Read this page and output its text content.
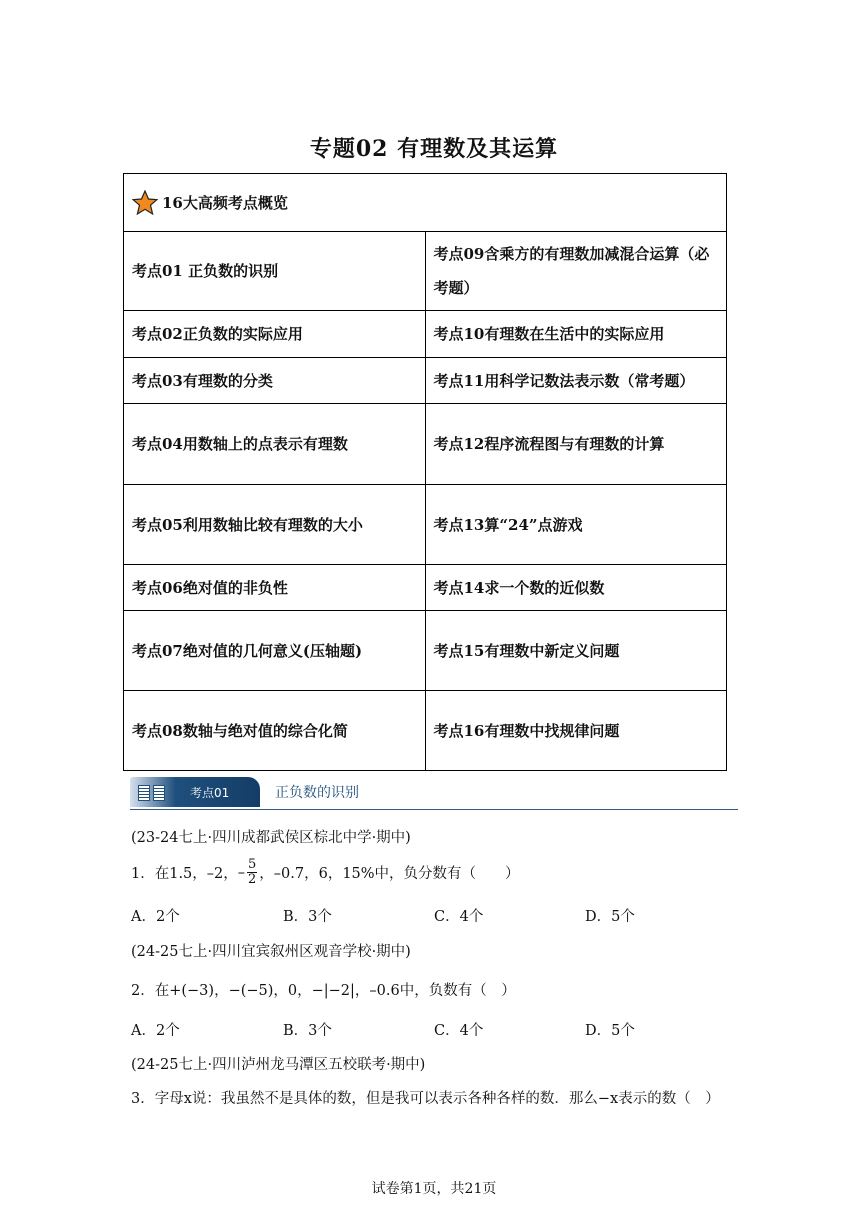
专题02 有理数及其运算
16大高频考点概览	

考点01 正负数的识别	考点09含乘方的有理数加减混合运算（必考题）
考点02正负数的实际应用	考点10有理数在生活中的实际应用
考点03有理数的分类	考点11用科学记数法表示数（常考题）
考点04用数轴上的点表示有理数	考点12程序流程图与有理数的计算
考点05利用数轴比较有理数的大小	考点13算“24”点游戏
考点06绝对值的非负性	考点14求一个数的近似数
考点07绝对值的几何意义(压轴题)	考点15有理数中新定义问题
考点08数轴与绝对值的综合化简	考点16有理数中找规律问题
考点01	正负数的识别
(23-24七上·四川成都武侯区棕北中学·期中)
1．在1.5，–2， – $\frac{5}{2}$ ，–0.7，6，15%中，负分数有（　　）
A．2个	B．3个	C．4个	D．5个
(24-25七上·四川宜宾叙州区观音学校·期中)
2．在+(−3)，−(−5)，0，−|−2|，–0.6中，负数有（　）
A．2个	B．3个	C．4个	D．5个
(24-25七上·四川泸州龙马潭区五校联考·期中)
3．字母x说：我虽然不是具体的数，但是我可以表示各种各样的数．那么−x表示的数（　）
试卷第1页，共21页
